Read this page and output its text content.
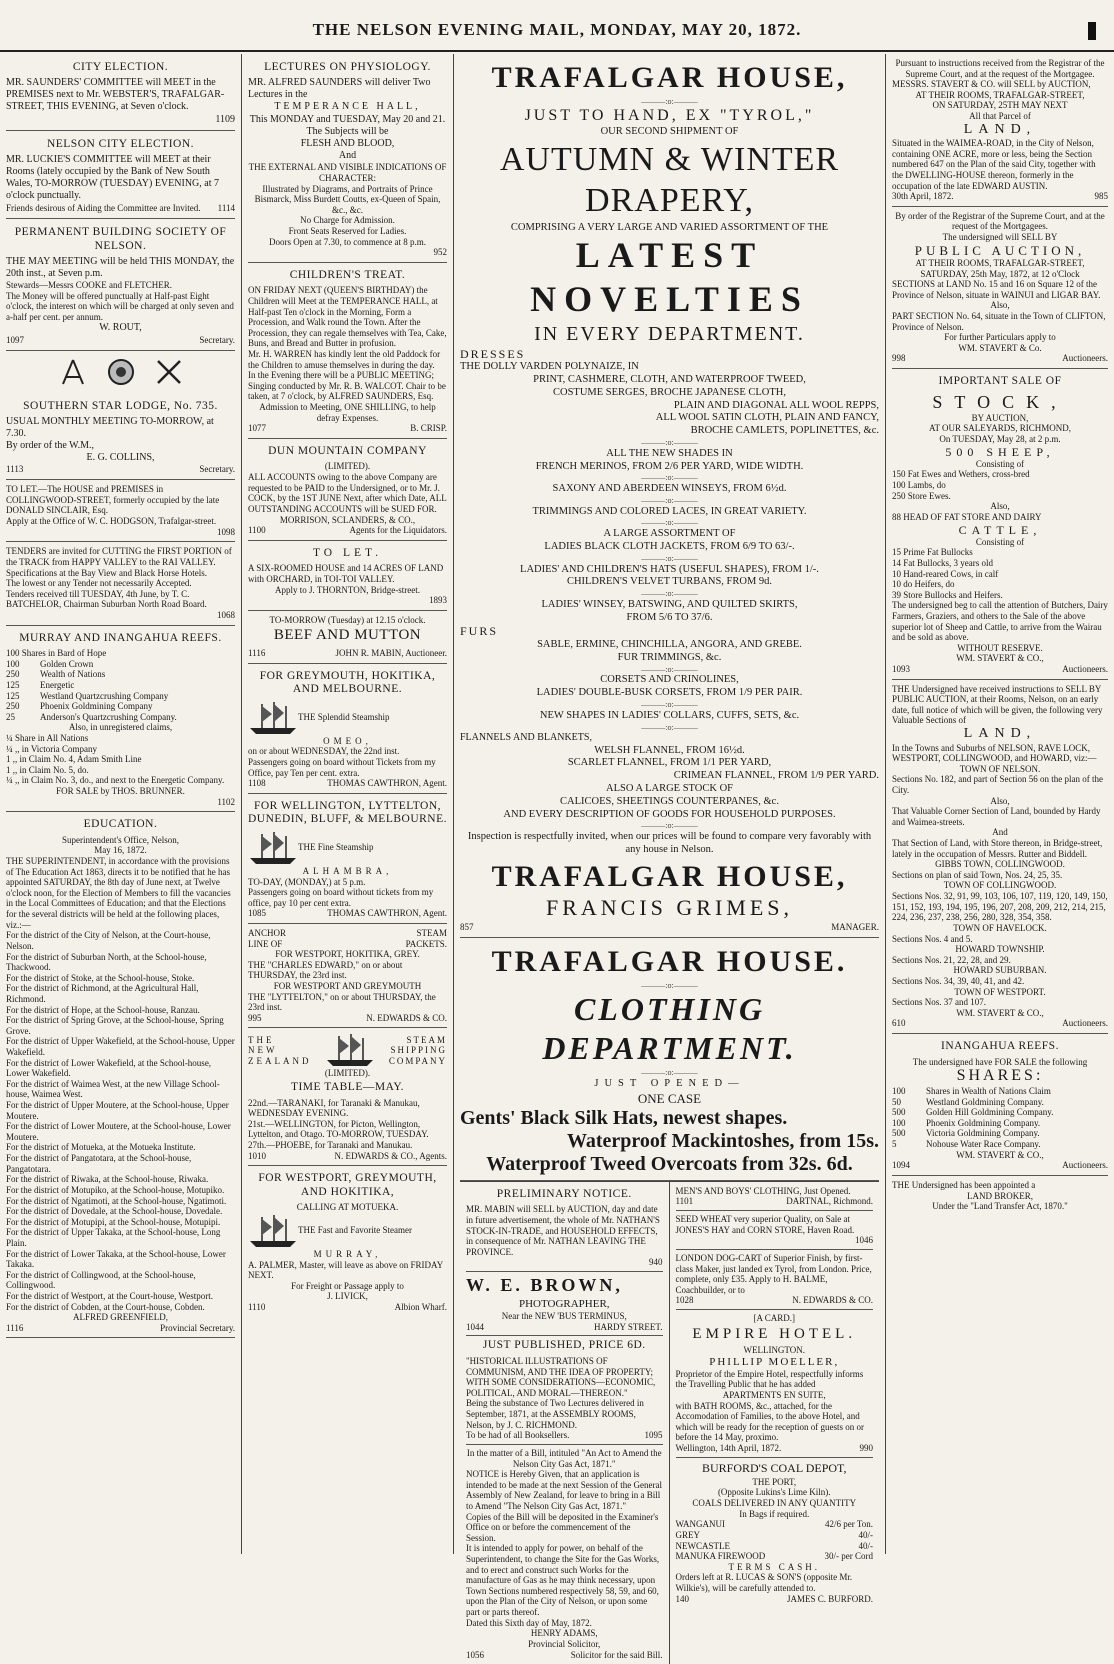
THE NELSON EVENING MAIL, MONDAY, MAY 20, 1872.
CITY ELECTION.
MR. SAUNDERS' COMMITTEE will MEET in the PREMISES next to Mr. WEBSTER'S, TRAFALGAR-STREET, THIS EVENING, at Seven o'clock.
1109
NELSON CITY ELECTION.
MR. LUCKIE'S COMMITTEE will MEET at their Rooms (lately occupied by the Bank of New South Wales, TO-MORROW (TUESDAY) EVENING, at 7 o'clock punctually.
Friends desirous of Aiding the Committee are Invited. 1114
PERMANENT BUILDING SOCIETY OF NELSON.
THE MAY MEETING will be held THIS MONDAY, the 20th inst., at Seven p.m.
Stewards—Messrs COOKE and FLETCHER.
The Money will be offered punctually at Half-past Eight o'clock, the interest on which will be charged at only seven and a-half per cent. per annum.
W. ROUT,
1097	Secretary.
SOUTHERN STAR LODGE, No. 735.
USUAL MONTHLY MEETING TO-MORROW, at 7.30.
By order of the W.M.,
E. G. COLLINS,
1113	Secretary.
TO LET.—The HOUSE and PREMISES in COLLINGWOOD-STREET, formerly occupied by the late DONALD SINCLAIR, Esq.
Apply at the Office of W. C. HODGSON, Trafalgar-street.
1098
TENDERS are invited for CUTTING the FIRST PORTION of the TRACK from HAPPY VALLEY to the RAI VALLEY.
Specifications at the Bay View and Black Horse Hotels.
The lowest or any Tender not necessarily Accepted.
Tenders received till TUESDAY, 4th June, by T. C. BATCHELOR, Chairman Suburban North Road Board.
1068
MURRAY AND INANGAHUA REEFS.
100 Shares in Bard of Hope
100	Golden Crown
250	Wealth of Nations
125	Energetic
125	Westland Quartzcrushing Company
250	Phoenix Goldmining Company
25	Anderson's Quartzcrushing Company.
Also, in unregistered claims,
¼ Share in All Nations
¼ ,, in Victoria Company
1 ,, in Claim No. 4, Adam Smith Line
1 ,, in Claim No. 5, do.
¼ ,, in Claim No. 3, do., and next to the Energetic Company.
FOR SALE by THOS. BRUNNER.
1102
EDUCATION.
Superintendent's Office, Nelson,
May 16, 1872.
THE SUPERINTENDENT, in accordance with the provisions of The Education Act 1863, directs it to be notified that he has appointed SATURDAY, the 8th day of June next, at Twelve o'clock noon, for the Election of Members to fill the vacancies in the Local Committees of Education; and that the Elections for the several districts will be held at the following places, viz.:—
For the district of the City of Nelson, at the Court-house, Nelson.
For the district of Suburban North, at the School-house, Thackwood.
For the district of Stoke, at the School-house, Stoke.
For the district of Richmond, at the Agricultural Hall, Richmond.
For the district of Hope, at the School-house, Ranzau.
For the district of Spring Grove, at the School-house, Spring Grove.
For the district of Upper Wakefield, at the School-house, Upper Wakefield.
For the district of Lower Wakefield, at the School-house, Lower Wakefield.
For the district of Waimea West, at the new Village School-house, Waimea West.
For the district of Upper Moutere, at the School-house, Upper Moutere.
For the district of Lower Moutere, at the School-house, Lower Moutere.
For the district of Motueka, at the Motueka Institute.
For the district of Pangatotara, at the School-house, Pangatotara.
For the district of Riwaka, at the School-house, Riwaka.
For the district of Motupiko, at the School-house, Motupiko.
For the district of Ngatimoti, at the School-house, Ngatimoti.
For the district of Dovedale, at the School-house, Dovedale.
For the district of Motupipi, at the School-house, Motupipi.
For the district of Upper Takaka, at the School-house, Long Plain.
For the district of Lower Takaka, at the School-house, Lower Takaka.
For the district of Collingwood, at the School-house, Collingwood.
For the district of Westport, at the Court-house, Westport.
For the district of Cobden, at the Court-house, Cobden.
ALFRED GREENFIELD,
1116	Provincial Secretary.
LECTURES ON PHYSIOLOGY.
MR. ALFRED SAUNDERS will deliver Two Lectures in the
TEMPERANCE HALL,
This MONDAY and TUESDAY, May 20 and 21.
The Subjects will be
FLESH AND BLOOD,
And
THE EXTERNAL AND VISIBLE INDICATIONS OF CHARACTER:
Illustrated by Diagrams, and Portraits of Prince Bismarck, Miss Burdett Coutts, ex-Queen of Spain, &c., &c.
No Charge for Admission.
Front Seats Reserved for Ladies.
Doors Open at 7.30, to commence at 8 p.m.
952
CHILDREN'S TREAT.
ON FRIDAY NEXT (QUEEN'S BIRTHDAY) the Children will Meet at the TEMPERANCE HALL, at Half-past Ten o'clock in the Morning, Form a Procession, and Walk round the Town. After the Procession, they can regale themselves with Tea, Cake, Buns, and Bread and Butter in profusion.
Mr. H. WARREN has kindly lent the old Paddock for the Children to amuse themselves in during the day.
In the Evening there will be a PUBLIC MEETING; Singing conducted by Mr. R. B. WALCOT. Chair to be taken, at 7 o'clock, by ALFRED SAUNDERS, Esq.
Admission to Meeting, ONE SHILLING, to help defray Expenses.
1077	B. CRISP.
DUN MOUNTAIN COMPANY
(LIMITED).
ALL ACCOUNTS owing to the above Company are requested to be PAID to the Undersigned, or to Mr. J. COCK, by the 1ST JUNE Next, after which Date, ALL OUTSTANDING ACCOUNTS will be SUED FOR.
MORRISON, SCLANDERS, & CO.,
1100	Agents for the Liquidators.
TO LET.
A SIX-ROOMED HOUSE and 14 ACRES OF LAND with ORCHARD, in TOI-TOI VALLEY.
Apply to J. THORNTON, Bridge-street.
1893
TO-MORROW (Tuesday) at 12.15 o'clock.
BEEF AND MUTTON
1116	JOHN R. MABIN, Auctioneer.
FOR GREYMOUTH, HOKITIKA, AND MELBOURNE.
THE Splendid Steamship
OMEO,
on or about WEDNESDAY, the 22nd inst.
Passengers going on board without Tickets from my Office, pay Ten per cent. extra.
1108	THOMAS CAWTHRON, Agent.
FOR WELLINGTON, LYTTELTON, DUNEDIN, BLUFF, & MELBOURNE.
THE Fine Steamship
ALHAMBRA,
TO-DAY, (MONDAY,) at 5 p.m.
Passengers going on board without tickets from my office, pay 10 per cent extra.
1085	THOMAS CAWTHRON, Agent.
ANCHOR	STEAM
LINE OF	PACKETS.
FOR WESTPORT, HOKITIKA, GREY.
THE "CHARLES EDWARD," on or about THURSDAY, the 23rd inst.
FOR WESTPORT AND GREYMOUTH
THE "LYTTELTON," on or about THURSDAY, the 23rd inst.
995	N. EDWARDS & CO.
THE
NEW
ZEALAND
STEAM
SHIPPING
COMPANY
(LIMITED).
TIME TABLE—MAY.
22nd.—TARANAKI, for Taranaki & Manukau, WEDNESDAY EVENING.
21st.—WELLINGTON, for Picton, Wellington, Lyttelton, and Otago. TO-MORROW, TUESDAY.
27th.—PHOEBE, for Taranaki and Manukau.
1010	N. EDWARDS & CO., Agents.
FOR WESTPORT, GREYMOUTH, AND HOKITIKA,
CALLING AT MOTUEKA.
THE Fast and Favorite Steamer
MURRAY,
A. PALMER, Master, will leave as above on FRIDAY NEXT.
For Freight or Passage apply to
J. LIVICK,
1110	Albion Wharf.
TRAFALGAR HOUSE,
———:o:———
JUST TO HAND, EX "TYROL,"
OUR SECOND SHIPMENT OF
AUTUMN & WINTER DRAPERY,
COMPRISING A VERY LARGE AND VARIED ASSORTMENT OF THE
LATEST NOVELTIES
IN EVERY DEPARTMENT.
DRESSES
THE DOLLY VARDEN POLYNAIZE, IN
PRINT, CASHMERE, CLOTH, AND WATERPROOF TWEED,
COSTUME SERGES, BROCHE JAPANESE CLOTH,
PLAIN AND DIAGONAL ALL WOOL REPPS,
ALL WOOL SATIN CLOTH, PLAIN AND FANCY,
BROCHE CAMLETS, POPLINETTES, &c.
———:o:———
ALL THE NEW SHADES IN
FRENCH MERINOS, FROM 2/6 PER YARD, WIDE WIDTH.
———:o:———
SAXONY AND ABERDEEN WINSEYS, FROM 6½d.
———:o:———
TRIMMINGS AND COLORED LACES, IN GREAT VARIETY.
———:o:———
A LARGE ASSORTMENT OF
LADIES BLACK CLOTH JACKETS, FROM 6/9 TO 63/-.
———:o:———
LADIES' AND CHILDREN'S HATS (USEFUL SHAPES), FROM 1/-.
CHILDREN'S VELVET TURBANS, FROM 9d.
———:o:———
LADIES' WINSEY, BATSWING, AND QUILTED SKIRTS,
FROM 5/6 TO 37/6.
FURS
SABLE, ERMINE, CHINCHILLA, ANGORA, AND GREBE.
FUR TRIMMINGS, &c.
———:o:———
CORSETS AND CRINOLINES,
LADIES' DOUBLE-BUSK CORSETS, FROM 1/9 PER PAIR.
———:o:———
NEW SHAPES IN LADIES' COLLARS, CUFFS, SETS, &c.
———:o:———
FLANNELS AND BLANKETS,
WELSH FLANNEL, FROM 16½d.
SCARLET FLANNEL, FROM 1/1 PER YARD,
CRIMEAN FLANNEL, FROM 1/9 PER YARD.
ALSO A LARGE STOCK OF
CALICOES, SHEETINGS COUNTERPANES, &c.
AND EVERY DESCRIPTION OF GOODS FOR HOUSEHOLD PURPOSES.
———:o:———
Inspection is respectfully invited, when our prices will be found to compare very favorably with any house in Nelson.
TRAFALGAR HOUSE,
FRANCIS GRIMES,
857	MANAGER.
TRAFALGAR HOUSE.
———:o:———
CLOTHING DEPARTMENT.
———:o:———
JUST OPENED—
ONE CASE
Gents' Black Silk Hats, newest shapes.
Waterproof Mackintoshes, from 15s.
Waterproof Tweed Overcoats from 32s. 6d.
PRELIMINARY NOTICE.
MR. MABIN will SELL by AUCTION, day and date in future advertisement, the whole of Mr. NATHAN'S STOCK-IN-TRADE, and HOUSEHOLD EFFECTS, in consequence of Mr. NATHAN LEAVING THE PROVINCE.
940
W. E. BROWN,
PHOTOGRAPHER,
Near the NEW 'BUS TERMINUS,
1044	HARDY STREET.
JUST PUBLISHED, PRICE 6D.
"HISTORICAL ILLUSTRATIONS OF COMMUNISM, AND THE IDEA OF PROPERTY; WITH SOME CONSIDERATIONS—ECONOMIC, POLITICAL, AND MORAL—THEREON."
Being the substance of Two Lectures delivered in September, 1871, at the ASSEMBLY ROOMS, Nelson, by J. C. RICHMOND.
To be had of all Booksellers.	1095
In the matter of a Bill, intituled "An Act to Amend the Nelson City Gas Act, 1871."
NOTICE is Hereby Given, that an application is intended to be made at the next Session of the General Assembly of New Zealand, for leave to bring in a Bill to Amend "The Nelson City Gas Act, 1871."
Copies of the Bill will be deposited in the Examiner's Office on or before the commencement of the Session.
It is intended to apply for power, on behalf of the Superintendent, to change the Site for the Gas Works, and to erect and construct such Works for the manufacture of Gas as he may think necessary, upon Town Sections numbered respectively 58, 59, and 60, upon the Plan of the City of Nelson, or upon some part or parts thereof.
Dated this Sixth day of May, 1872.
HENRY ADAMS,
Provincial Solicitor,
1056	Solicitor for the said Bill.
MEN'S AND BOYS' CLOTHING, Just Opened.
1101	DARTNAL, Richmond.
SEED WHEAT very superior Quality, on Sale at JONES'S HAY and CORN STORE, Haven Road.
1046
LONDON DOG-CART of Superior Finish, by first-class Maker, just landed ex Tyrol, from London. Price, complete, only £35. Apply to H. BALME, Coachbuilder, or to
1028	N. EDWARDS & CO.
[A CARD.]
EMPIRE HOTEL.
WELLINGTON.
PHILLIP MOELLER,
Proprietor of the Empire Hotel, respectfully informs the Travelling Public that he has added
APARTMENTS EN SUITE,
with BATH ROOMS, &c., attached, for the Accomodation of Families, to the above Hotel, and which will be ready for the reception of guests on or before the 14 May, proximo.
Wellington, 14th April, 1872.	990
BURFORD'S COAL DEPOT,
THE PORT,
(Opposite Lukins's Lime Kiln).
COALS DELIVERED IN ANY QUANTITY
In Bags if required.
WANGANUI	42/6 per Ton.
GREY	40/-
NEWCASTLE	40/-
MANUKA FIREWOOD	30/- per Cord
TERMS CASH.
Orders left at R. LUCAS & SON'S (opposite Mr. Wilkie's), will be carefully attended to.
140	JAMES C. BURFORD.
Pursuant to instructions received from the Registrar of the Supreme Court, and at the request of the Mortgagee.
MESSRS. STAVERT & CO. will SELL by AUCTION,
AT THEIR ROOMS, TRAFALGAR-STREET,
ON SATURDAY, 25TH MAY NEXT
All that Parcel of
LAND,
Situated in the WAIMEA-ROAD, in the City of Nelson, containing ONE ACRE, more or less, being the Section numbered 647 on the Plan of the said City, together with the DWELLING-HOUSE thereon, formerly in the occupation of the late EDWARD AUSTIN.
30th April, 1872.	985
By order of the Registrar of the Supreme Court, and at the request of the Mortgagees.
The undersigned will SELL BY
PUBLIC AUCTION,
AT THEIR ROOMS, TRAFALGAR-STREET,
SATURDAY, 25th May, 1872, at 12 o'Clock
SECTIONS at LAND No. 15 and 16 on Square 12 of the Province of Nelson, situate in WAINUI and LIGAR BAY.
Also,
PART SECTION No. 64, situate in the Town of CLIFTON, Province of Nelson.
For further Particulars apply to
WM. STAVERT & Co.
998	Auctioneers.
IMPORTANT SALE OF
STOCK,
BY AUCTION,
AT OUR SALEYARDS, RICHMOND,
On TUESDAY, May 28, at 2 p.m.
500 SHEEP,
Consisting of
150 Fat Ewes and Wethers, cross-bred
100 Lambs, do
250 Store Ewes.
Also,
88 HEAD OF FAT STORE AND DAIRY
CATTLE,
Consisting of
15 Prime Fat Bullocks
14 Fat Bullocks, 3 years old
10 Hand-reared Cows, in calf
10 do Heifers, do
39 Store Bullocks and Heifers.
The undersigned beg to call the attention of Butchers, Dairy Farmers, Graziers, and others to the Sale of the above superior lot of Sheep and Cattle, to arrive from the Wairau and be sold as above.
WITHOUT RESERVE.
WM. STAVERT & CO.,
1093	Auctioneers.
THE Undersigned have received instructions to SELL BY PUBLIC AUCTION, at their Rooms, Nelson, on an early date, full notice of which will be given, the following very Valuable Sections of
LAND,
In the Towns and Suburbs of NELSON, RAVE LOCK, WESTPORT, COLLINGWOOD, and HOWARD, viz:—
TOWN OF NELSON.
Sections No. 182, and part of Section 56 on the plan of the City.
Also,
That Valuable Corner Section of Land, bounded by Hardy and Waimea-streets.
And
That Section of Land, with Store thereon, in Bridge-street, lately in the occupation of Messrs. Rutter and Biddell.
GIBBS TOWN, COLLINGWOOD.
Sections on plan of said Town, Nos. 24, 25, 35.
TOWN OF COLLINGWOOD.
Sections Nos. 32, 91, 99, 103, 106, 107, 119, 120, 149, 150, 151, 152, 193, 194, 195, 196, 207, 208, 209, 212, 214, 215, 224, 236, 237, 238, 256, 280, 328, 354, 358.
TOWN OF HAVELOCK.
Sections Nos. 4 and 5.
HOWARD TOWNSHIP.
Sections Nos. 21, 22, 28, and 29.
HOWARD SUBURBAN.
Sections Nos. 34, 39, 40, 41, and 42.
TOWN OF WESTPORT.
Sections Nos. 37 and 107.
WM. STAVERT & CO.,
610	Auctioneers.
INANGAHUA REEFS.
The undersigned have FOR SALE the following
SHARES:
100	Shares in Wealth of Nations Claim
50	Westland Goldmining Company.
500	Golden Hill Goldmining Company.
100	Phoenix Goldmining Company.
500	Victoria Goldmining Company.
5	Nohouse Water Race Company.
WM. STAVERT & CO.,
1094	Auctioneers.
THE Undersigned has been appointed a
LAND BROKER,
Under the "Land Transfer Act, 1870."
